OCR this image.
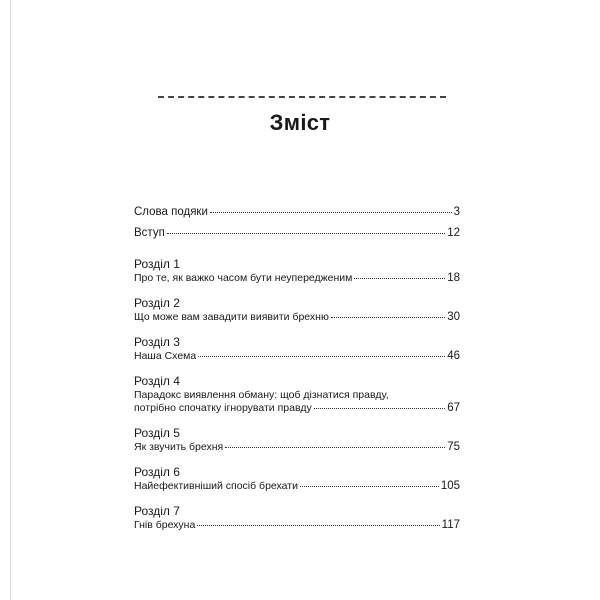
Зміст
Слова подяки	3
Вступ	12
Розділ 1
Про те, як важко часом бути неупередженим	18
Розділ 2
Що може вам завадити виявити брехню	30
Розділ 3
Наша Схема	46
Розділ 4
Парадокс виявлення обману: щоб дізнатися правду,
потрібно спочатку ігнорувати правду	67
Розділ 5
Як звучить брехня	75
Розділ 6
Найефективніший спосіб брехати	105
Розділ 7
Гнів брехуна	117
